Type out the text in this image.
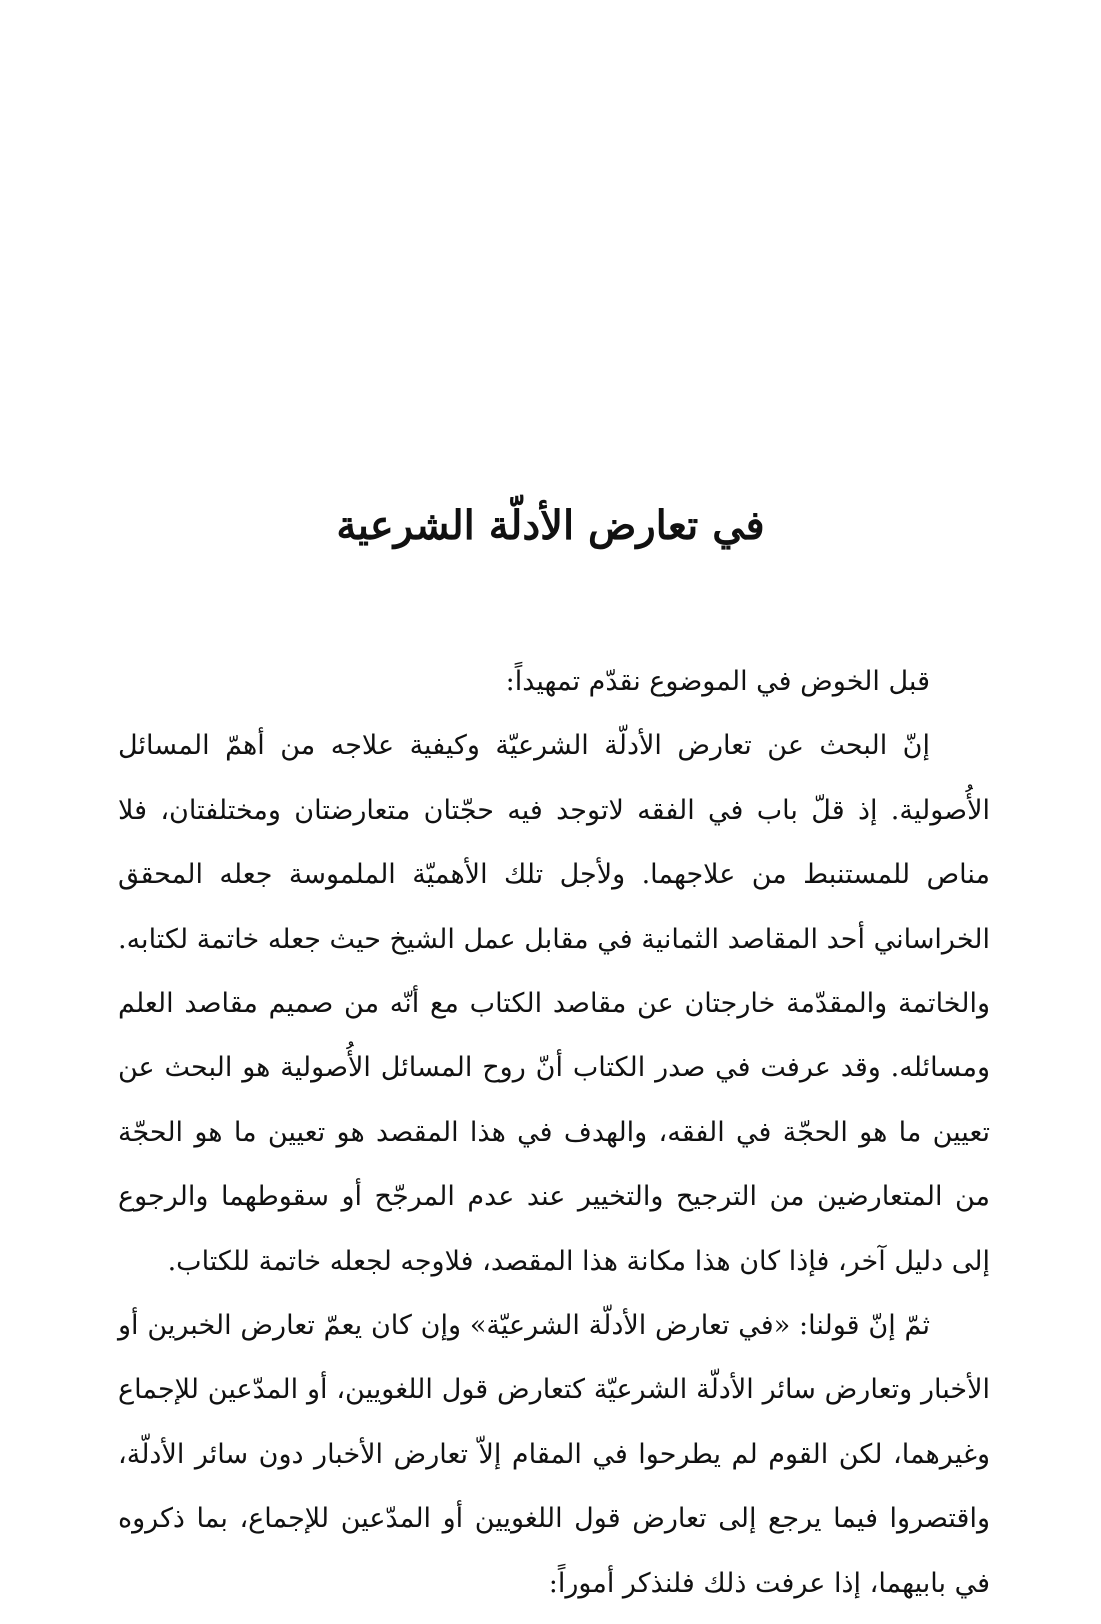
في تعارض الأدلّة الشرعية

قبل الخوض في الموضوع نقدّم تمهيداً:

إنّ البحث عن تعارض الأدلّة الشرعيّة وكيفية علاجه من أهمّ المسائل الأُصولية. إذ قلّ باب في الفقه لاتوجد فيه حجّتان متعارضتان ومختلفتان، فلا مناص للمستنبط من علاجهما. ولأجل تلك الأهميّة الملموسة جعله المحقق الخراساني أحد المقاصد الثمانية في مقابل عمل الشيخ حيث جعله خاتمة لكتابه. والخاتمة والمقدّمة خارجتان عن مقاصد الكتاب مع أنّه من صميم مقاصد العلم ومسائله. وقد عرفت في صدر الكتاب أنّ روح المسائل الأُصولية هو البحث عن تعيين ما هو الحجّة في الفقه، والهدف في هذا المقصد هو تعيين ما هو الحجّة من المتعارضين من الترجيح والتخيير عند عدم المرجّح أو سقوطهما والرجوع إلى دليل آخر، فإذا كان هذا مكانة هذا المقصد، فلاوجه لجعله خاتمة للكتاب.

ثمّ إنّ قولنا: «في تعارض الأدلّة الشرعيّة» وإن كان يعمّ تعارض الخبرين أو الأخبار وتعارض سائر الأدلّة الشرعيّة كتعارض قول اللغويين، أو المدّعين للإجماع وغيرهما، لكن القوم لم يطرحوا في المقام إلاّ تعارض الأخبار دون سائر الأدلّة، واقتصروا فيما يرجع إلى تعارض قول اللغويين أو المدّعين للإجماع، بما ذكروه في بابيهما، إذا عرفت ذلك فلنذكر أموراً:
